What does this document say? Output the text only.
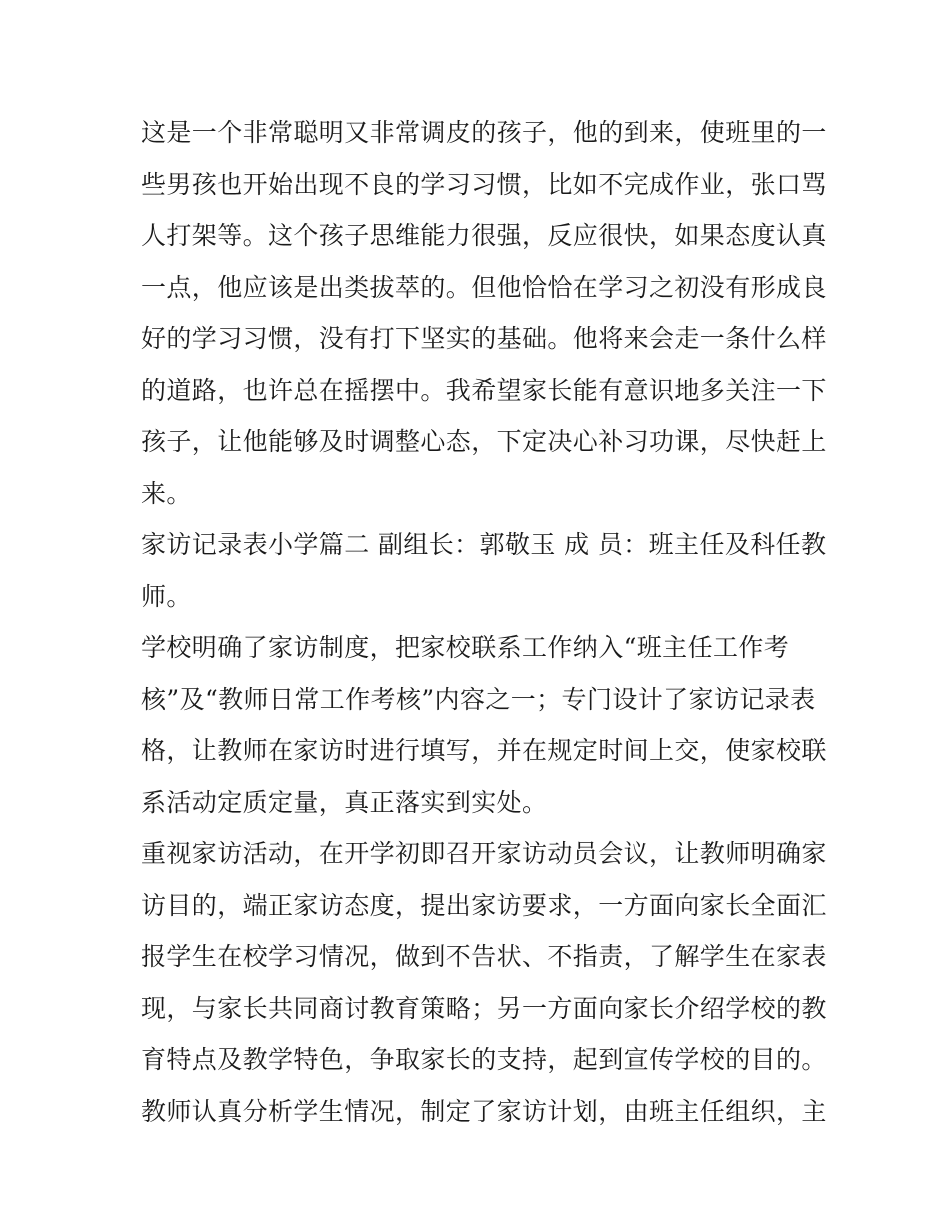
这是一个非常聪明又非常调皮的孩子，他的到来，使班里的一
些男孩也开始出现不良的学习习惯，比如不完成作业，张口骂
人打架等。这个孩子思维能力很强，反应很快，如果态度认真
一点，他应该是出类拔萃的。但他恰恰在学习之初没有形成良
好的学习习惯，没有打下坚实的基础。他将来会走一条什么样
的道路，也许总在摇摆中。我希望家长能有意识地多关注一下
孩子，让他能够及时调整心态，下定决心补习功课，尽快赶上
来。
家访记录表小学篇二 副组长：郭敬玉 成 员：班主任及科任教
师。
学校明确了家访制度，把家校联系工作纳入“班主任工作考
核”及“教师日常工作考核”内容之一；专门设计了家访记录表
格，让教师在家访时进行填写，并在规定时间上交，使家校联
系活动定质定量，真正落实到实处。
重视家访活动，在开学初即召开家访动员会议，让教师明确家
访目的，端正家访态度，提出家访要求，一方面向家长全面汇
报学生在校学习情况，做到不告状、不指责，了解学生在家表
现，与家长共同商讨教育策略；另一方面向家长介绍学校的教
育特点及教学特色，争取家长的支持，起到宣传学校的目的。
教师认真分析学生情况，制定了家访计划，由班主任组织，主
